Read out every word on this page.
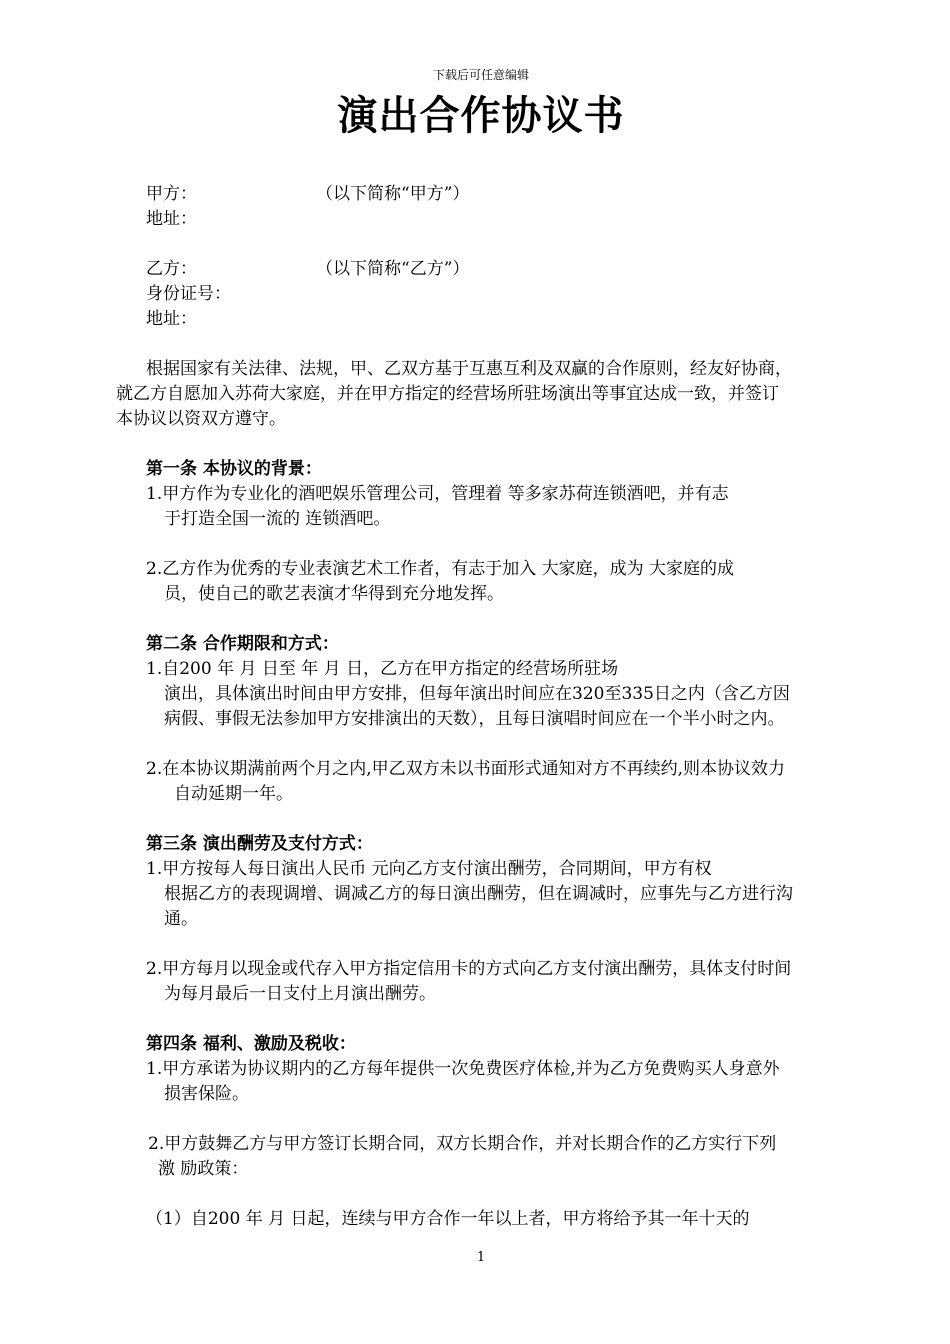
下载后可任意编辑
演出合作协议书
甲方：	（以下简称“甲方”）
地址：
乙方：	（以下简称“乙方”）
身份证号：
地址：
根据国家有关法律、法规，甲、乙双方基于互惠互利及双赢的合作原则，经友好协商，
就乙方自愿加入苏荷大家庭，并在甲方指定的经营场所驻场演出等事宜达成一致，并签订
本协议以资双方遵守。
第一条 本协议的背景：
1.甲方作为专业化的酒吧娱乐管理公司，管理着 等多家苏荷连锁酒吧，并有志
于打造全国一流的 连锁酒吧。
2.乙方作为优秀的专业表演艺术工作者，有志于加入 大家庭，成为 大家庭的成
员，使自己的歌艺表演才华得到充分地发挥。
第二条 合作期限和方式：
1.自200 年 月 日至 年 月 日，乙方在甲方指定的经营场所驻场
演出，具体演出时间由甲方安排，但每年演出时间应在320至335日之内（含乙方因
病假、事假无法参加甲方安排演出的天数），且每日演唱时间应在一个半小时之内。
2.在本协议期满前两个月之内,甲乙双方未以书面形式通知对方不再续约,则本协议效力
自动延期一年。
第三条 演出酬劳及支付方式：
1.甲方按每人每日演出人民币 元向乙方支付演出酬劳，合同期间，甲方有权
根据乙方的表现调增、调减乙方的每日演出酬劳，但在调减时，应事先与乙方进行沟
通。
2.甲方每月以现金或代存入甲方指定信用卡的方式向乙方支付演出酬劳，具体支付时间
为每月最后一日支付上月演出酬劳。
第四条 福利、激励及税收：
1.甲方承诺为协议期内的乙方每年提供一次免费医疗体检,并为乙方免费购买人身意外
损害保险。
2.甲方鼓舞乙方与甲方签订长期合同，双方长期合作，并对长期合作的乙方实行下列
激 励政策：
（1）自200 年 月 日起，连续与甲方合作一年以上者，甲方将给予其一年十天的
1
